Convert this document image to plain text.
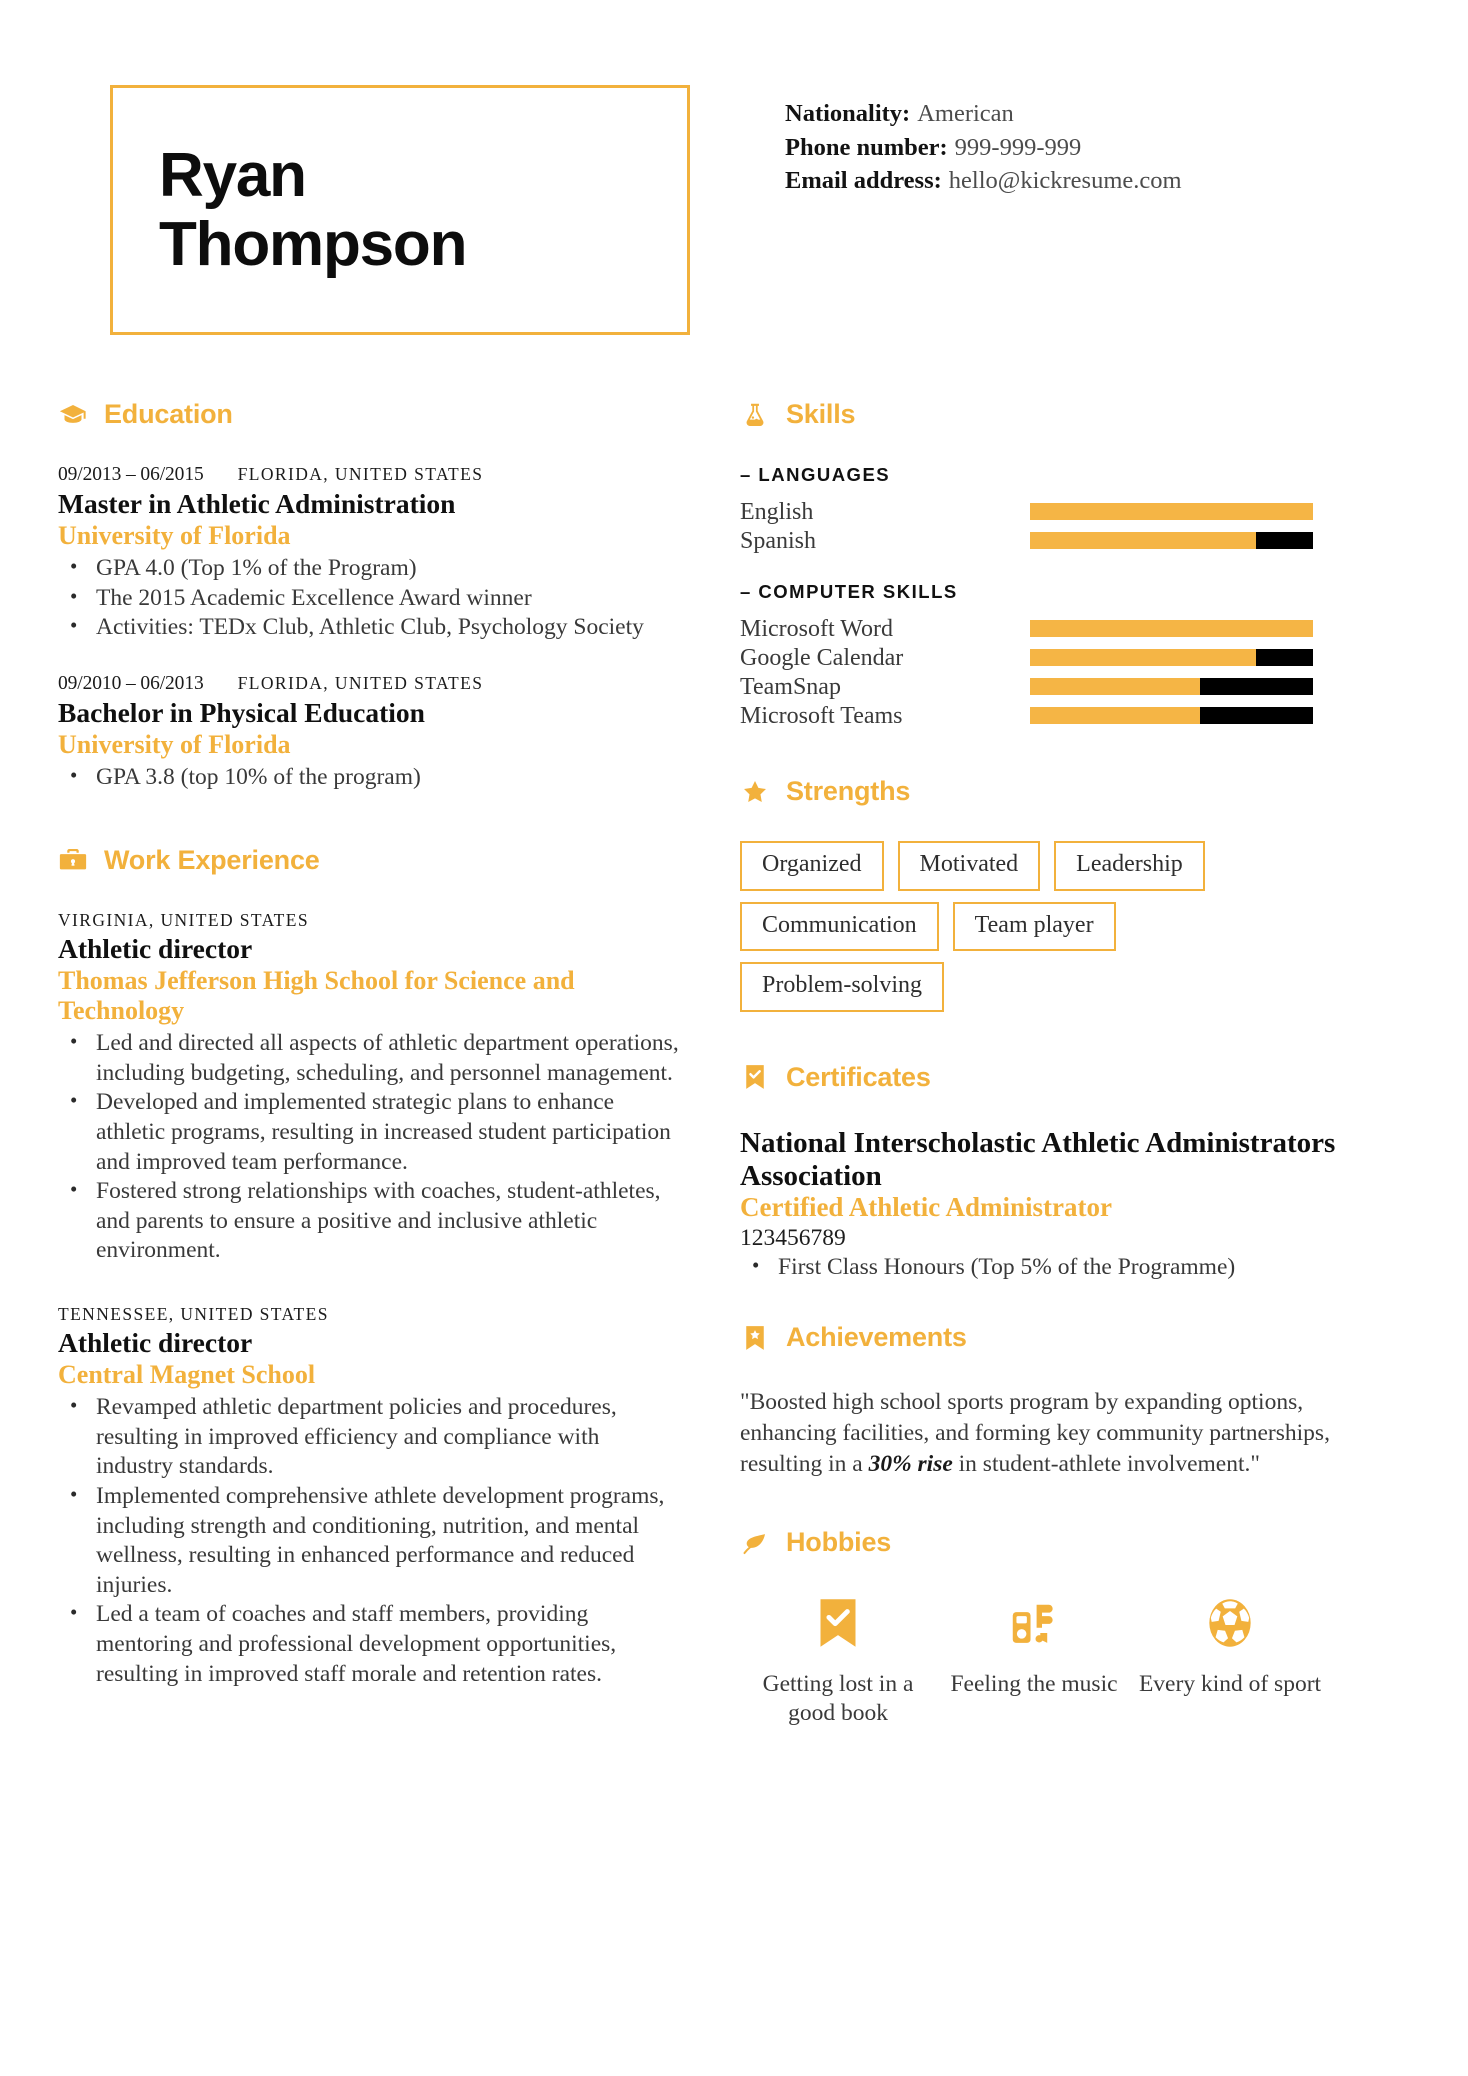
Ryan
Thompson
Nationality: American
Phone number: 999-999-999
Email address: hello@kickresume.com
Education
09/2013 – 06/2015 FLORIDA, UNITED STATES
Master in Athletic Administration
University of Florida
• GPA 4.0 (Top 1% of the Program)
• The 2015 Academic Excellence Award winner
• Activities: TEDx Club, Athletic Club, Psychology Society
09/2010 – 06/2013 FLORIDA, UNITED STATES
Bachelor in Physical Education
University of Florida
• GPA 3.8 (top 10% of the program)
Work Experience
VIRGINIA, UNITED STATES
Athletic director
Thomas Jefferson High School for Science and Technology
• Led and directed all aspects of athletic department operations, including budgeting, scheduling, and personnel management.
• Developed and implemented strategic plans to enhance athletic programs, resulting in increased student participation and improved team performance.
• Fostered strong relationships with coaches, student-athletes, and parents to ensure a positive and inclusive athletic environment.
TENNESSEE, UNITED STATES
Athletic director
Central Magnet School
• Revamped athletic department policies and procedures, resulting in improved efficiency and compliance with industry standards.
• Implemented comprehensive athlete development programs, including strength and conditioning, nutrition, and mental wellness, resulting in enhanced performance and reduced injuries.
• Led a team of coaches and staff members, providing mentoring and professional development opportunities, resulting in improved staff morale and retention rates.
Skills
– LANGUAGES
English
Spanish
– COMPUTER SKILLS
Microsoft Word
Google Calendar
TeamSnap
Microsoft Teams
Strengths
Organized	Motivated	Leadership
Communication	Team player
Problem-solving
Certificates
National Interscholastic Athletic Administrators Association
Certified Athletic Administrator
123456789
• First Class Honours (Top 5% of the Programme)
Achievements
"Boosted high school sports program by expanding options, enhancing facilities, and forming key community partnerships, resulting in a 30% rise in student-athlete involvement."
Hobbies
Getting lost in a good book
Feeling the music Every kind of sport
